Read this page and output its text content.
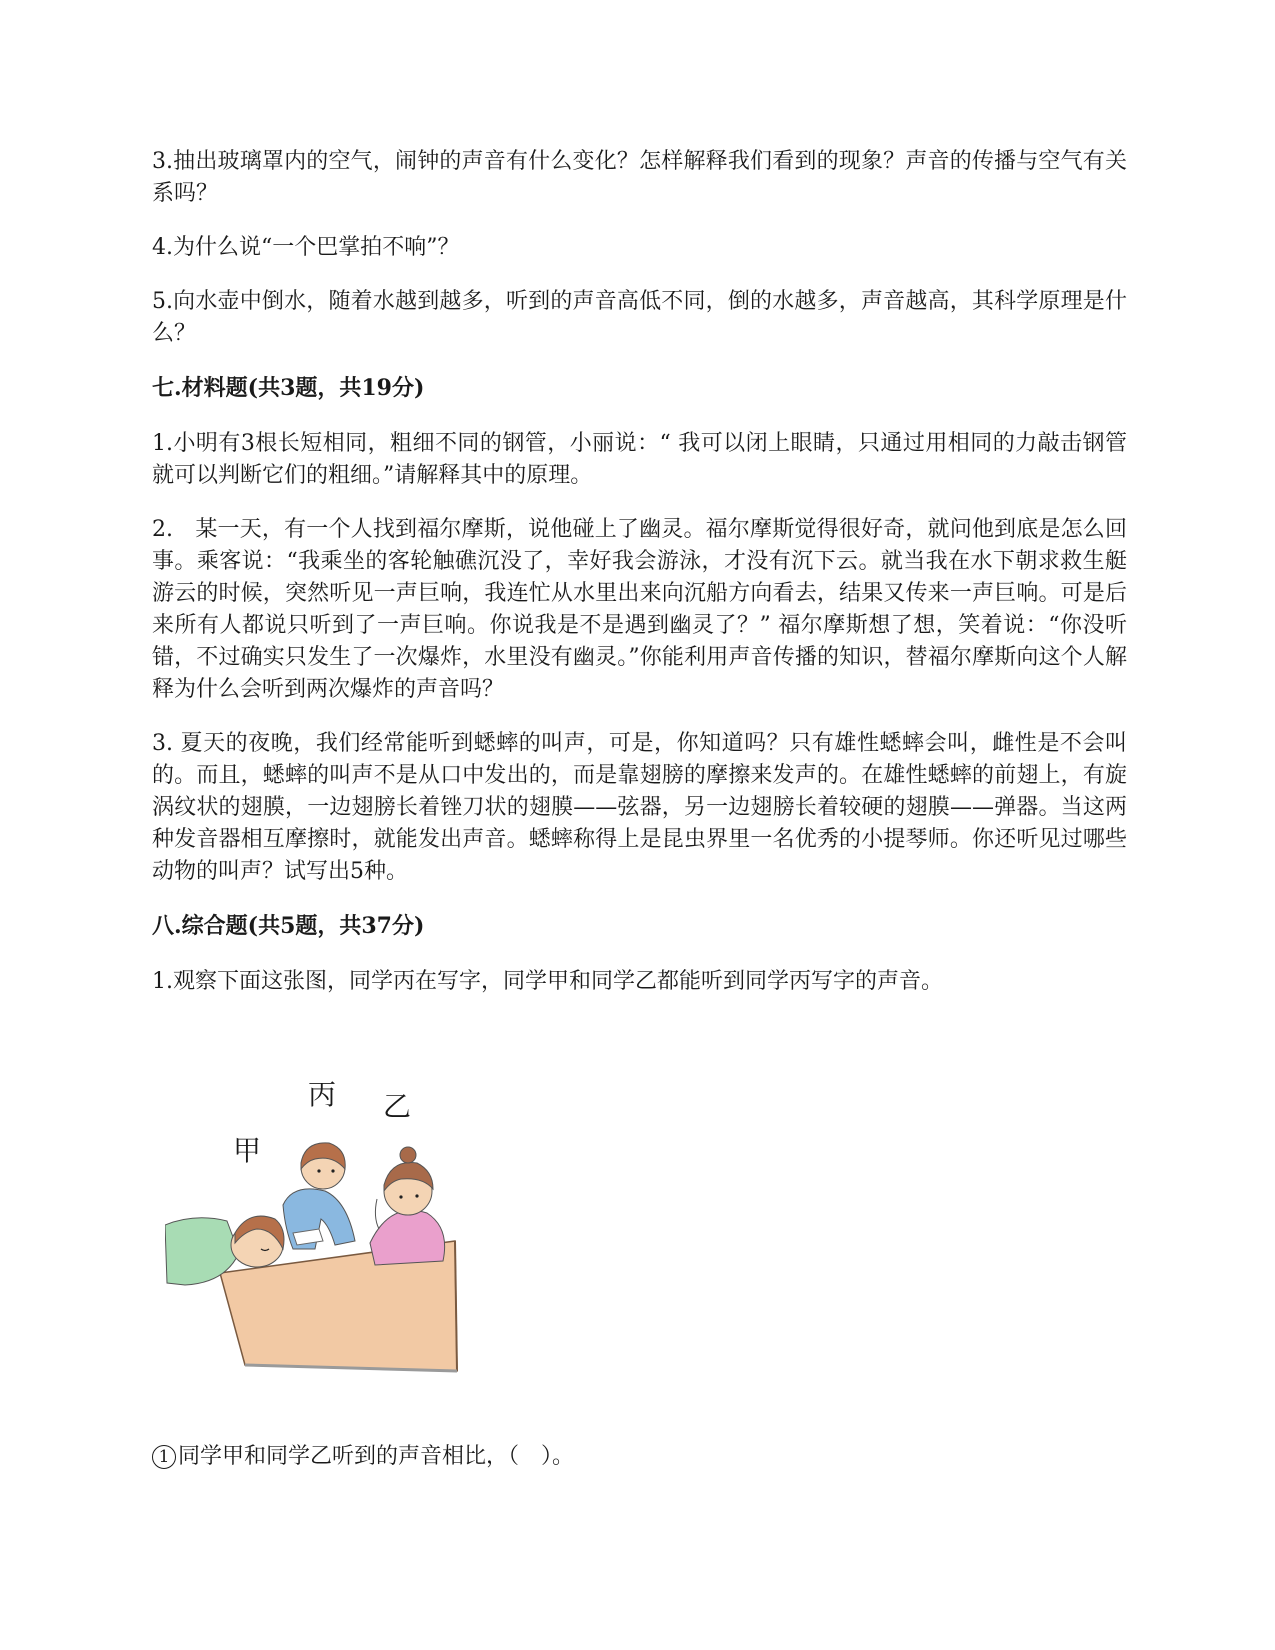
3.抽出玻璃罩内的空气，闹钟的声音有什么变化？怎样解释我们看到的现象？声音的传播与空气有关系吗？

4.为什么说“一个巴掌拍不响”？

5.向水壶中倒水，随着水越到越多，听到的声音高低不同，倒的水越多，声音越高，其科学原理是什么？

七.材料题(共3题，共19分)

1.小明有3根长短相同，粗细不同的钢管，小丽说：“ 我可以闭上眼睛，只通过用相同的力敲击钢管就可以判断它们的粗细。”请解释其中的原理。

2.　某一天，有一个人找到福尔摩斯，说他碰上了幽灵。福尔摩斯觉得很好奇，就问他到底是怎么回事。乘客说：“我乘坐的客轮触礁沉没了，幸好我会游泳，才没有沉下云。就当我在水下朝求救生艇游云的时候，突然听见一声巨响，我连忙从水里出来向沉船方向看去，结果又传来一声巨响。可是后来所有人都说只听到了一声巨响。你说我是不是遇到幽灵了？” 福尔摩斯想了想，笑着说：“你没听错，不过确实只发生了一次爆炸，水里没有幽灵。”你能利用声音传播的知识，替福尔摩斯向这个人解释为什么会听到两次爆炸的声音吗？

3. 夏天的夜晚，我们经常能听到蟋蟀的叫声，可是，你知道吗？只有雄性蟋蟀会叫，雌性是不会叫的。而且，蟋蟀的叫声不是从口中发出的，而是靠翅膀的摩擦来发声的。在雄性蟋蟀的前翅上，有旋涡纹状的翅膜，一边翅膀长着锉刀状的翅膜——弦器，另一边翅膀长着较硬的翅膜——弹器。当这两种发音器相互摩擦时，就能发出声音。蟋蟀称得上是昆虫界里一名优秀的小提琴师。你还听见过哪些动物的叫声？试写出5种。

八.综合题(共5题，共37分)

1.观察下面这张图，同学丙在写字，同学甲和同学乙都能听到同学丙写字的声音。

丙 乙
甲
1 同学甲和同学乙听到的声音相比，（　）。
